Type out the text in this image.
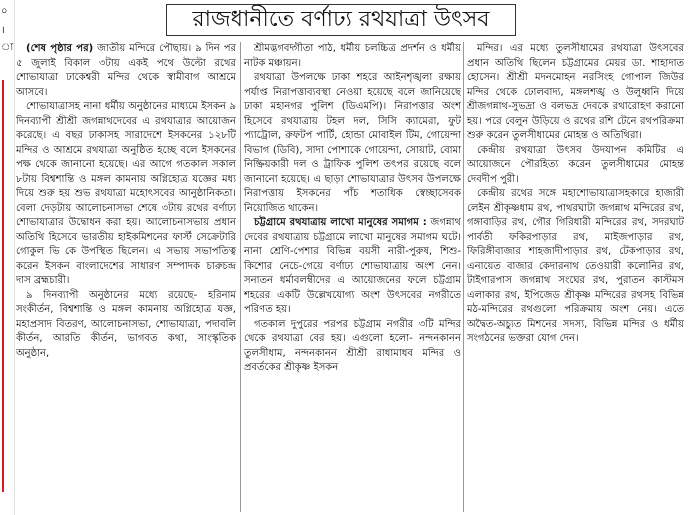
০
।
া
রাজধানীতে বর্ণাঢ্য রথযাত্রা উৎসব

(শেষ পৃষ্ঠার পর) জাতীয় মন্দিরে পৌছায়। ৯ দিন পর ৫ জুলাই বিকাল ৩টায় একই পথে উল্টো রথের শোভাযাত্রা ঢাকেশ্বরী মন্দির থেকে স্বামীবাগ আশ্রমে আসবে।

শোভাযাত্রাসহ নানা ধর্মীয় অনুষ্ঠানের মাধ্যমে ইসকন ৯ দিনব্যাপী শ্রীশ্রী জগন্নাথদেবের এ রথযাত্রার আয়োজন করেছে। এ বছর ঢাকাসহ সারাদেশে ইসকনের ১২৮টি মন্দির ও আশ্রমে রথযাত্রা অনুষ্ঠিত হচ্ছে বলে ইসকনের পক্ষ থেকে জানানো হয়েছে। এর আগে গতকাল সকাল ৮টায় বিশ্বশান্তি ও মঙ্গল কামনায় অগ্নিহোত্র যজ্ঞের মধ্য দিয়ে শুরু হয় শুভ রথযাত্রা মহোৎসবের আনুষ্ঠানিকতা। বেলা দেড়টায় আলোচনাসভা শেষে ৩টায় রথের বর্ণাঢ্য শোভাযাত্রার উদ্বোধন করা হয়। আলোচনাসভায় প্রধান অতিথি হিসেবে ভারতীয় হাইকমিশনের ফার্স্ট সেক্রেটারি গোকুল ভি কে উপস্থিত ছিলেন। এ সভায় সভাপতিত্ব করেন ইসকন বাংলাদেশের সাধারণ সম্পাদক চারুচন্দ্র দাস ব্রহ্মচারী।

৯ দিনব্যাপী অনুষ্ঠানের মধ্যে রয়েছে- হরিনাম সংকীর্তন, বিশ্বশান্তি ও মঙ্গল কামনায় অগ্নিহোত্র যজ্ঞ, মহাপ্রসাদ বিতরণ, আলোচনাসভা, শোভাযাত্রা, পদাবলি কীর্তন, আরতি কীর্তন, ভাগবত কথা, সাংস্কৃতিক অনুষ্ঠান,

শ্রীমদ্ভগবদ্গীতা পাঠ, ধর্মীয় চলচ্চিত্র প্রদর্শন ও ধর্মীয় নাটক মঞ্চায়ন।

রথযাত্রা উপলক্ষে ঢাকা শহরে আইনশৃঙ্খলা রক্ষায় পর্যাপ্ত নিরাপত্তাব্যবস্থা নেওয়া হয়েছে বলে জানিয়েছে ঢাকা মহানগর পুলিশ (ডিএমপি)। নিরাপত্তার অংশ হিসেবে রথযাত্রায় টহল দল, সিসি ক্যামেরা, ফুট প্যাট্রোল, রুফটপ পার্টি, হোন্ডা মোবাইল টিম, গোয়েন্দা বিভাগ (ডিবি), সাদা পোশাকে গোয়েন্দা, সোয়াট, বোমা নিষ্ক্রিয়কারী দল ও ট্রাফিক পুলিশ তৎপর রয়েছে বলে জানানো হয়েছে। এ ছাড়া শোভাযাত্রার উৎসব উপলক্ষে নিরাপত্তায় ইসকনের পাঁচ শতাধিক স্বেচ্ছাসেবক নিয়োজিত থাকেন।

চট্টগ্রামে রথযাত্রায় লাখো মানুষের সমাগম : জগন্নাথ দেবের রথযাত্রায় চট্টগ্রামে লাখো মানুষের সমাগম ঘটে। নানা শ্রেণি-পেশার বিভিন্ন বয়সী নারী-পুরুষ, শিশু-কিশোর নেচে-গেয়ে বর্ণাঢ্য শোভাযাত্রায় অংশ নেন। সনাতন ধর্মাবলম্বীদের এ আয়োজনের ফলে চট্টগ্রাম শহরের একটি উল্লেখযোগ্য অংশ উৎসবের নগরীতে পরিণত হয়।

গতকাল দুপুরের পরপর চট্টগ্রাম নগরীর ৩টি মন্দির থেকে রথযাত্রা বের হয়। এগুলো হলো- নন্দনকানন তুলসীধাম, নন্দনকানন শ্রীশ্রী রাধামাধব মন্দির ও প্রবর্তকের শ্রীকৃষ্ণ ইসকন

মন্দির। এর মধ্যে তুলসীধামের রথযাত্রা উৎসবের প্রধান অতিথি ছিলেন চট্টগ্রামের মেয়র ডা. শাহাদাত হোসেন। শ্রীশ্রী মদনমোহন নরসিংহ গোপাল জিউর মন্দির থেকে ঢোলবাদ্য, মঙ্গলশঙ্খ ও উলুধ্বনি দিয়ে শ্রীজগন্নাথ-সুভদ্রা ও বলভদ্র দেবকে রথারোহণ করানো হয়। পরে বেলুন উড়িয়ে ও রথের রশি টেনে রথপরিক্রমা শুরু করেন তুলসীধামের মোহন্ত ও অতিথিরা।

কেন্দ্রীয় রথযাত্রা উৎসব উদযাপন কমিটির এ আয়োজনে পৌরহিত্য করেন তুলসীধামের মোহন্ত দেবদীপ পুরী।

কেন্দ্রীয় রথের সঙ্গে মহাশোভাযাত্রাসহকারে হাজারী লেইন শ্রীকৃষ্ণধাম রথ, পাথরঘাটা জগন্নাথ মন্দিরের রথ, গঙ্গাবাড়ির রথ, গৌর গিরিধারী মন্দিরের রথ, সদরঘাট পার্বতী ফকিরপাড়ার রথ, মাইজপাড়ার রথ, ফিরিঙ্গীবাজার শাহজাদীপাড়ার রথ, টেকপাড়ার রথ, এনায়েত বাজার কেদারনাথ তেওয়ারী কলোনির রথ, টাইগারপাস জগন্নাথ সংঘের রথ, পুরাতন কাস্টমস এলাকার রথ, ইপিজেড শ্রীকৃষ্ণ মন্দিরের রথসহ বিভিন্ন মঠ-মন্দিরের রথগুলো পরিক্রমায় অংশ নেয়। এতে অদ্বৈত-অচ্যুত মিশনের সদস্য, বিভিন্ন মন্দির ও ধর্মীয় সংগঠনের ভক্তরা যোগ দেন।
